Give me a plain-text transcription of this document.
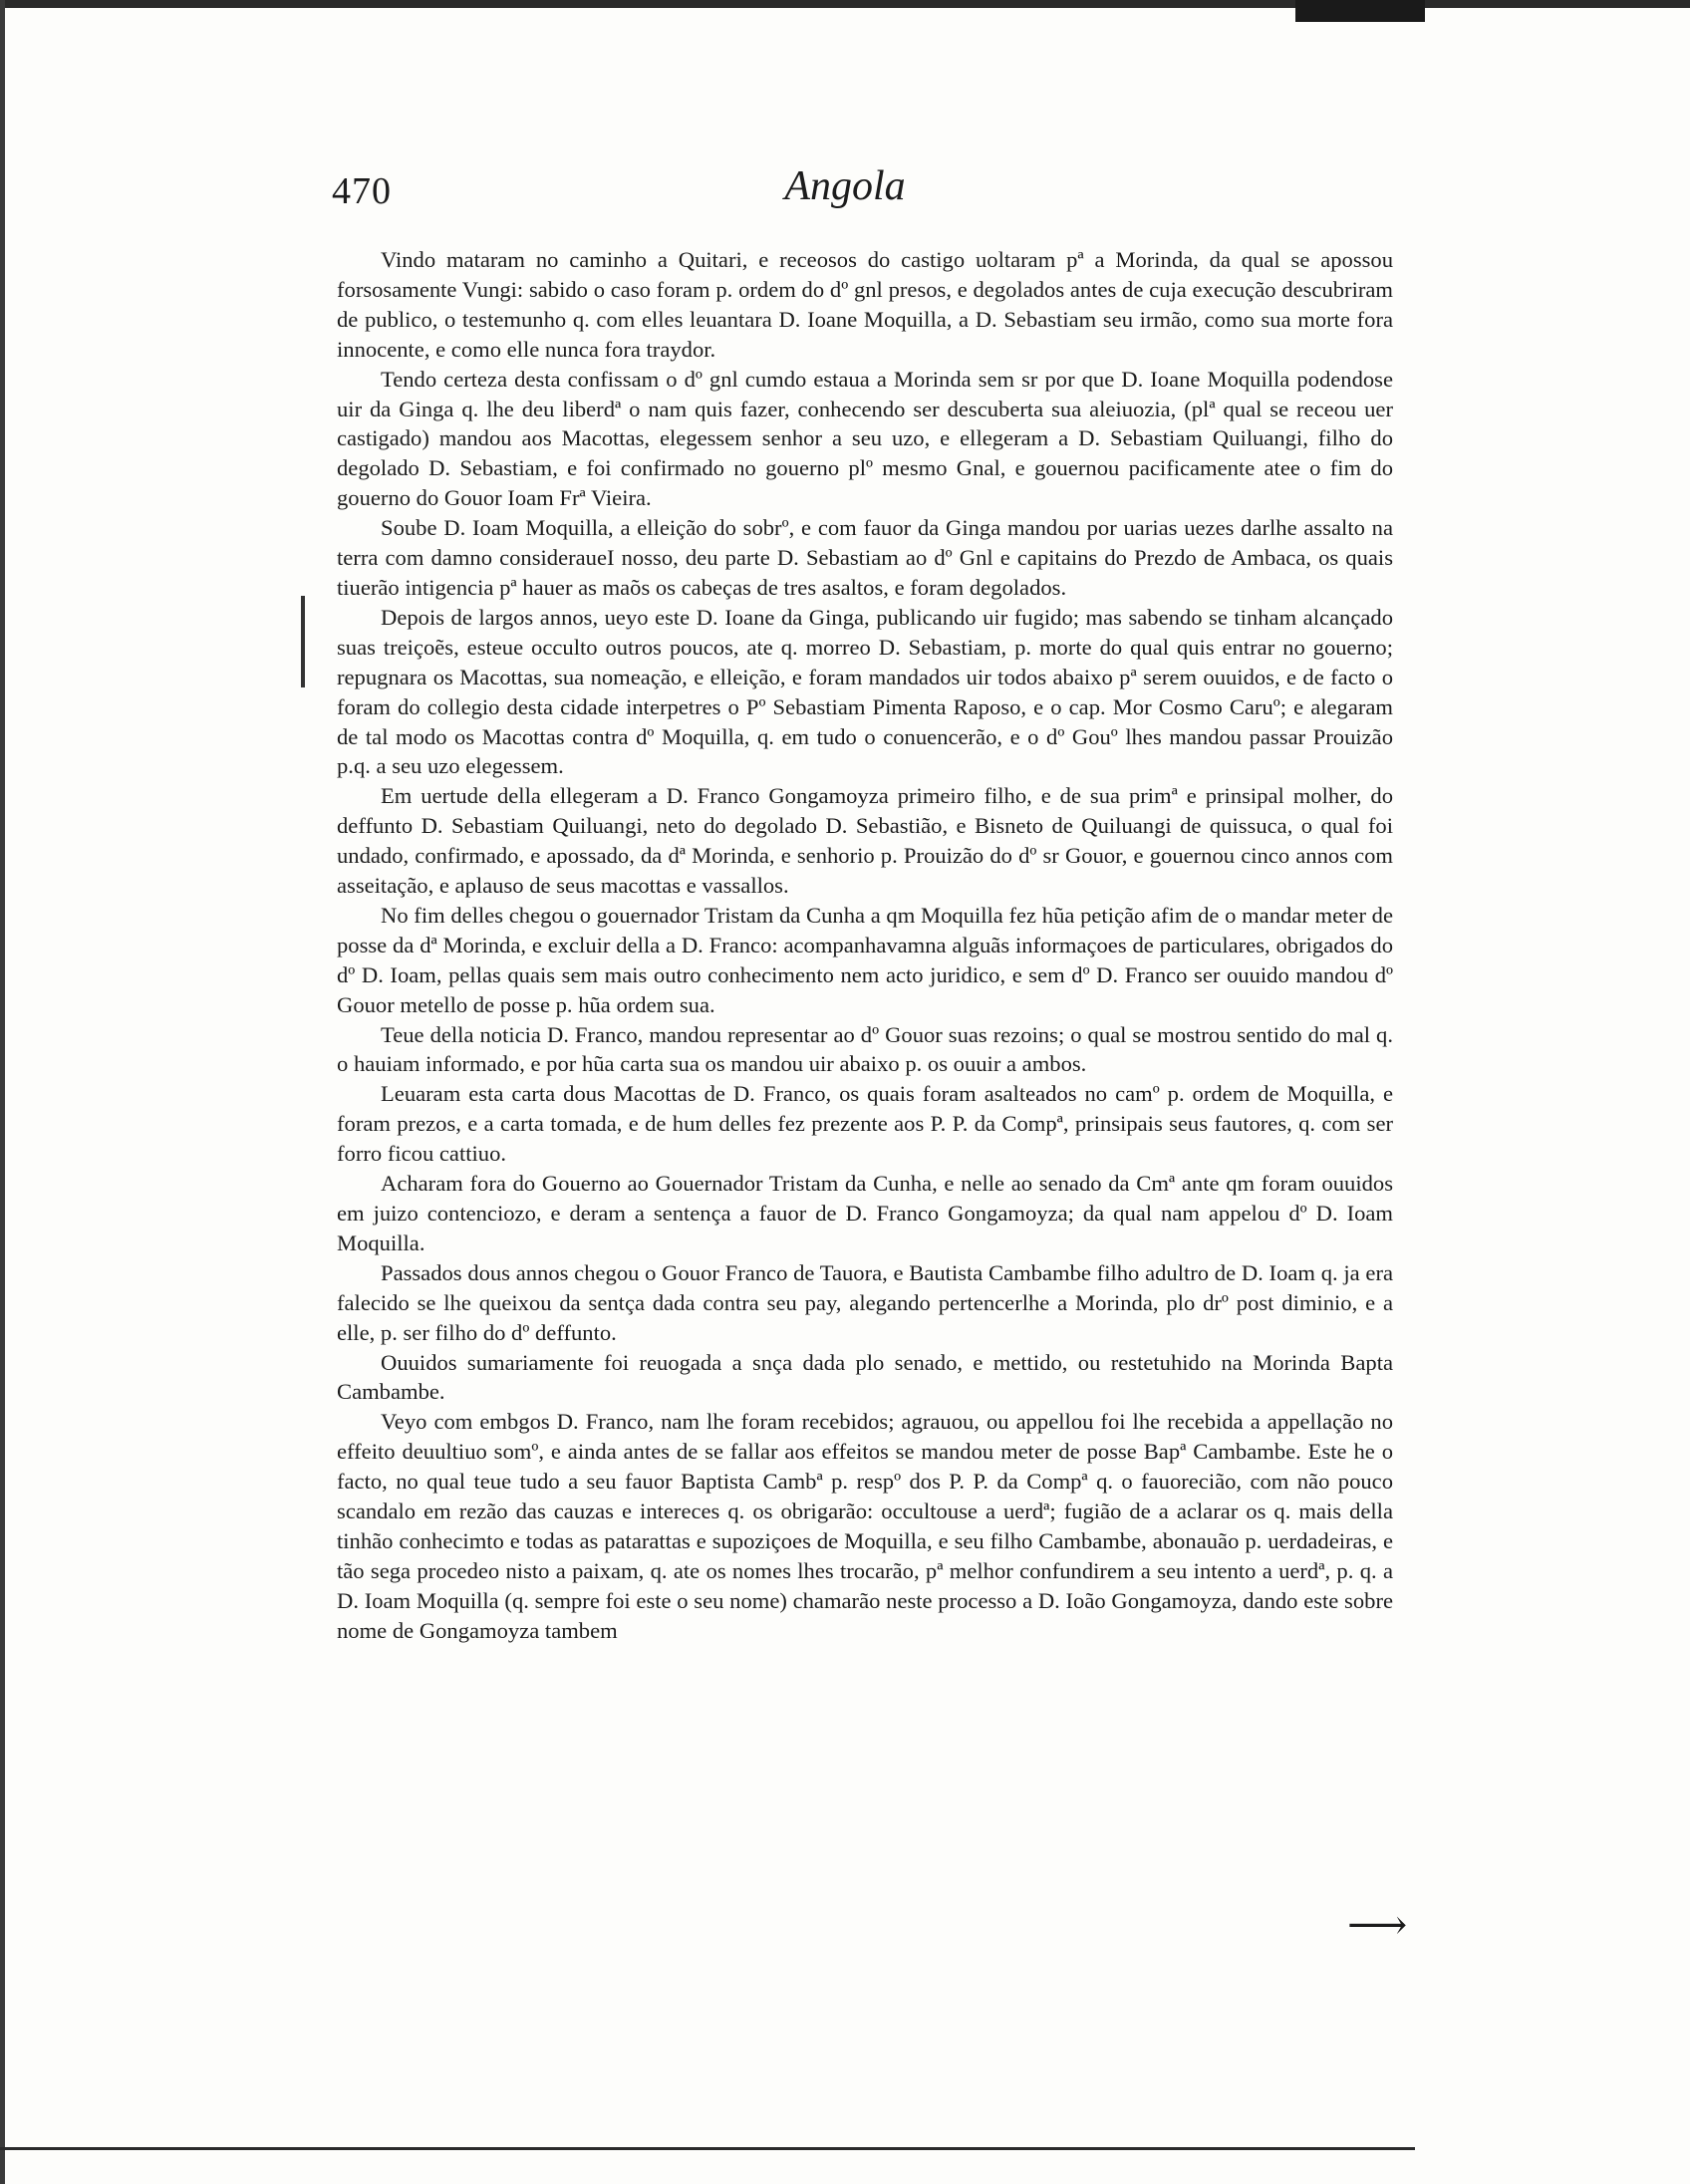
470	Angola

Vindo mataram no caminho a Quitari, e receosos do castigo uoltaram pª a Morinda, da qual se apossou forsosamente Vungi: sabido o caso foram p. ordem do dº gnl presos, e degolados antes de cuja execução descubriram de publico, o testemunho q. com elles leuantara D. Ioane Moquilla, a D. Sebastiam seu irmão, como sua morte fora innocente, e como elle nunca fora traydor.

Tendo certeza desta confissam o dº gnl cumdo estaua a Morinda sem sr por que D. Ioane Moquilla podendose uir da Ginga q. lhe deu liberdª o nam quis fazer, conhecendo ser descuberta sua aleiuozia, (plª qual se receou uer castigado) mandou aos Macottas, elegessem senhor a seu uzo, e ellegeram a D. Sebastiam Quiluangi, filho do degolado D. Sebastiam, e foi confirmado no gouerno plº mesmo Gnal, e gouernou pacificamente atee o fim do gouerno do Gouor Ioam Frª Vieira.

Soube D. Ioam Moquilla, a elleição do sobrº, e com fauor da Ginga mandou por uarias uezes darlhe assalto na terra com damno consideraueI nosso, deu parte D. Sebastiam ao dº Gnl e capitains do Prezdo de Ambaca, os quais tiuerão intigencia pª hauer as maõs os cabeças de tres asaltos, e foram degolados.

Depois de largos annos, ueyo este D. Ioane da Ginga, publicando uir fugido; mas sabendo se tinham alcançado suas treiçoẽs, esteue occulto outros poucos, ate q. morreo D. Sebastiam, p. morte do qual quis entrar no gouerno; repugnara os Macottas, sua nomeação, e elleição, e foram mandados uir todos abaixo pª serem ouuidos, e de facto o foram do collegio desta cidade interpetres o Pº Sebastiam Pimenta Raposo, e o cap. Mor Cosmo Caruº; e alegaram de tal modo os Macottas contra dº Moquilla, q. em tudo o conuencerão, e o dº Gouº lhes mandou passar Prouizão p.q. a seu uzo elegessem.

Em uertude della ellegeram a D. Franco Gongamoyza primeiro filho, e de sua primª e prinsipal molher, do deffunto D. Sebastiam Quiluangi, neto do degolado D. Sebastião, e Bisneto de Quiluangi de quissuca, o qual foi undado, confirmado, e apossado, da dª Morinda, e senhorio p. Prouizão do dº sr Gouor, e gouernou cinco annos com asseitação, e aplauso de seus macottas e vassallos.

No fim delles chegou o gouernador Tristam da Cunha a qm Moquilla fez hũa petição afim de o mandar meter de posse da dª Morinda, e excluir della a D. Franco: acompanhavamna alguãs informaçoes de particulares, obrigados do dº D. Ioam, pellas quais sem mais outro conhecimento nem acto juridico, e sem dº D. Franco ser ouuido mandou dº Gouor metello de posse p. hũa ordem sua.

Teue della noticia D. Franco, mandou representar ao dº Gouor suas rezoins; o qual se mostrou sentido do mal q. o hauiam informado, e por hũa carta sua os mandou uir abaixo p. os ouuir a ambos.

Leuaram esta carta dous Macottas de D. Franco, os quais foram asalteados no camº p. ordem de Moquilla, e foram prezos, e a carta tomada, e de hum delles fez prezente aos P. P. da Compª, prinsipais seus fautores, q. com ser forro ficou cattiuo.

Acharam fora do Gouerno ao Gouernador Tristam da Cunha, e nelle ao senado da Cmª ante qm foram ouuidos em juizo contenciozo, e deram a sentença a fauor de D. Franco Gongamoyza; da qual nam appelou dº D. Ioam Moquilla.

Passados dous annos chegou o Gouor Franco de Tauora, e Bautista Cambambe filho adultro de D. Ioam q. ja era falecido se lhe queixou da sentça dada contra seu pay, alegando pertencerlhe a Morinda, plo drº post diminio, e a elle, p. ser filho do dº deffunto.

Ouuidos sumariamente foi reuogada a snça dada plo senado, e mettido, ou restetuhido na Morinda Bapta Cambambe.

Veyo com embgos D. Franco, nam lhe foram recebidos; agrauou, ou appellou foi lhe recebida a appellação no effeito deuultiuo somº, e ainda antes de se fallar aos effeitos se mandou meter de posse Bapª Cambambe. Este he o facto, no qual teue tudo a seu fauor Baptista Cambª p. respº dos P. P. da Compª q. o fauorecião, com não pouco scandalo em rezão das cauzas e intereces q. os obrigarão: occultouse a uerdª; fugião de a aclarar os q. mais della tinhão conhecimto e todas as patarattas e supoziçoes de Moquilla, e seu filho Cambambe, abonauão p. uerdadeiras, e tão sega procedeo nisto a paixam, q. ate os nomes lhes trocarão, pª melhor confundirem a seu intento a uerdª, p. q. a D. Ioam Moquilla (q. sempre foi este o seu nome) chamarão neste processo a D. Ioão Gongamoyza, dando este sobre nome de Gongamoyza tambem

⟶
